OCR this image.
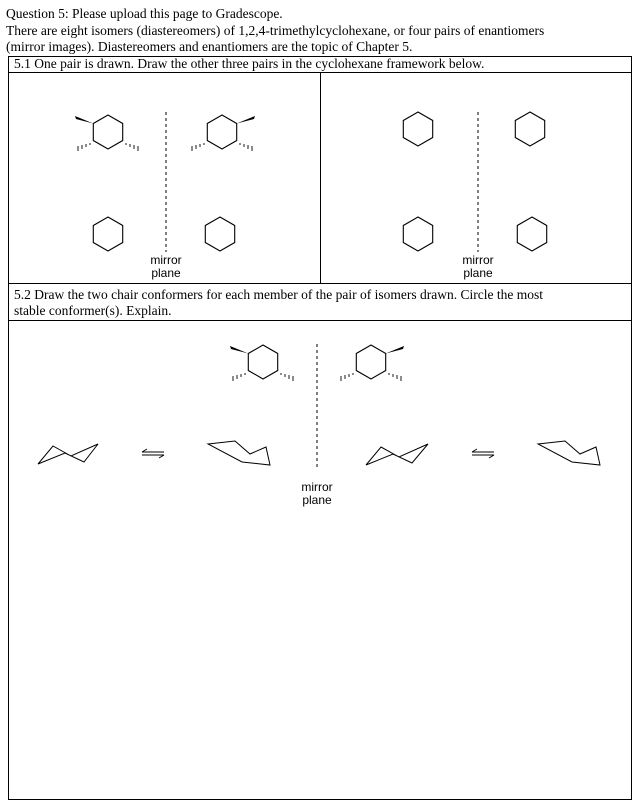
Question 5: Please upload this page to Gradescope.

There are eight isomers (diastereomers) of 1,2,4-trimethylcyclohexane, or four pairs of enantiomers

(mirror images). Diastereomers and enantiomers are the topic of Chapter 5.

5.1 One pair is drawn. Draw the other three pairs in the cyclohexane framework below.
mirror
plane
mirror
plane
5.2 Draw the two chair conformers for each member of the pair of isomers drawn. Circle the most
stable conformer(s). Explain.
mirror
plane
